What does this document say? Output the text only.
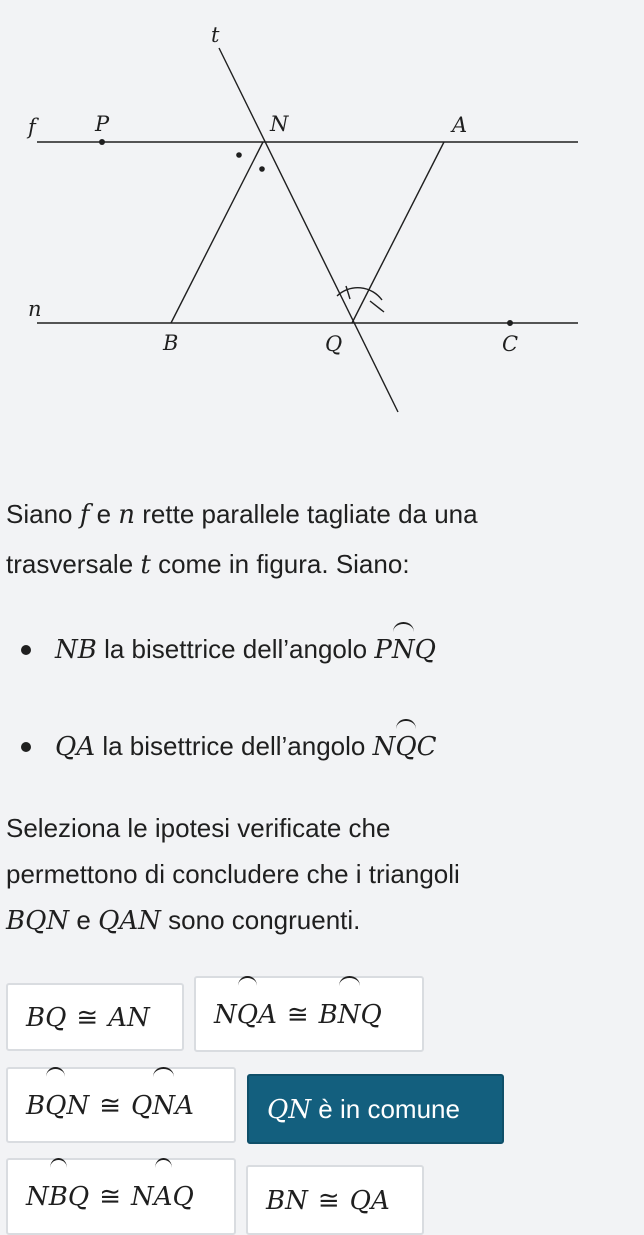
t
f
n
P	N	A
B	Q	C

Siano f e n rette parallele tagliate da una

trasversale t come in figura. Siano:

NB la bisettrice dell’angolo PNQ
QA la bisettrice dell’angolo NQC

Seleziona le ipotesi verificate che

permettono di concludere che i triangoli

BQN e QAN sono congruenti.

BQ ≅ AN	NQA ≅ BNQ
BQN ≅ QNA	QN è in comune
NBQ ≅ NAQ	BN ≅ QA
